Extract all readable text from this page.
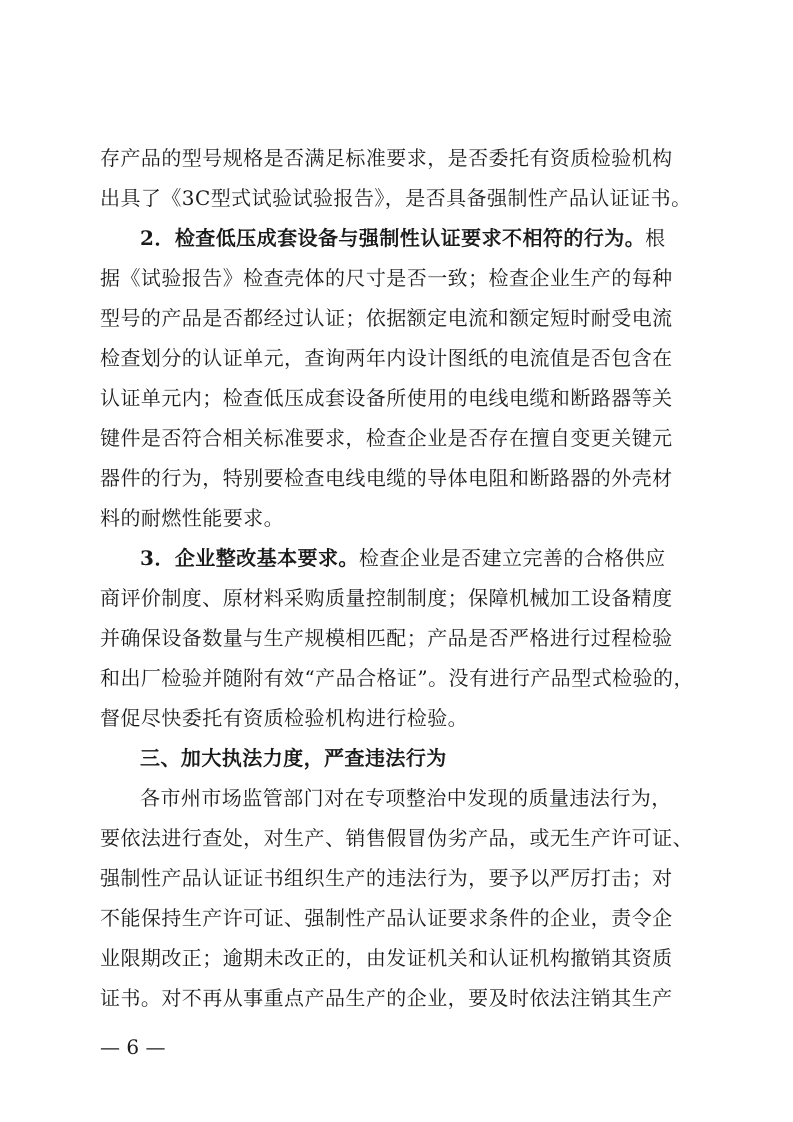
存产品的型号规格是否满足标准要求，是否委托有资质检验机构
出具了《3C型式试验试验报告》，是否具备强制性产品认证证书。
2．检查低压成套设备与强制性认证要求不相符的行为。根
据《试验报告》检查壳体的尺寸是否一致；检查企业生产的每种
型号的产品是否都经过认证；依据额定电流和额定短时耐受电流
检查划分的认证单元，查询两年内设计图纸的电流值是否包含在
认证单元内；检查低压成套设备所使用的电线电缆和断路器等关
键件是否符合相关标准要求，检查企业是否存在擅自变更关键元
器件的行为，特别要检查电线电缆的导体电阻和断路器的外壳材
料的耐燃性能要求。
3．企业整改基本要求。检查企业是否建立完善的合格供应
商评价制度、原材料采购质量控制制度；保障机械加工设备精度
并确保设备数量与生产规模相匹配；产品是否严格进行过程检验
和出厂检验并随附有效“产品合格证”。没有进行产品型式检验的，
督促尽快委托有资质检验机构进行检验。
三、加大执法力度，严查违法行为
各市州市场监管部门对在专项整治中发现的质量违法行为，
要依法进行查处，对生产、销售假冒伪劣产品，或无生产许可证、
强制性产品认证证书组织生产的违法行为，要予以严厉打击；对
不能保持生产许可证、强制性产品认证要求条件的企业，责令企
业限期改正；逾期未改正的，由发证机关和认证机构撤销其资质
证书。对不再从事重点产品生产的企业，要及时依法注销其生产
— 6 —
